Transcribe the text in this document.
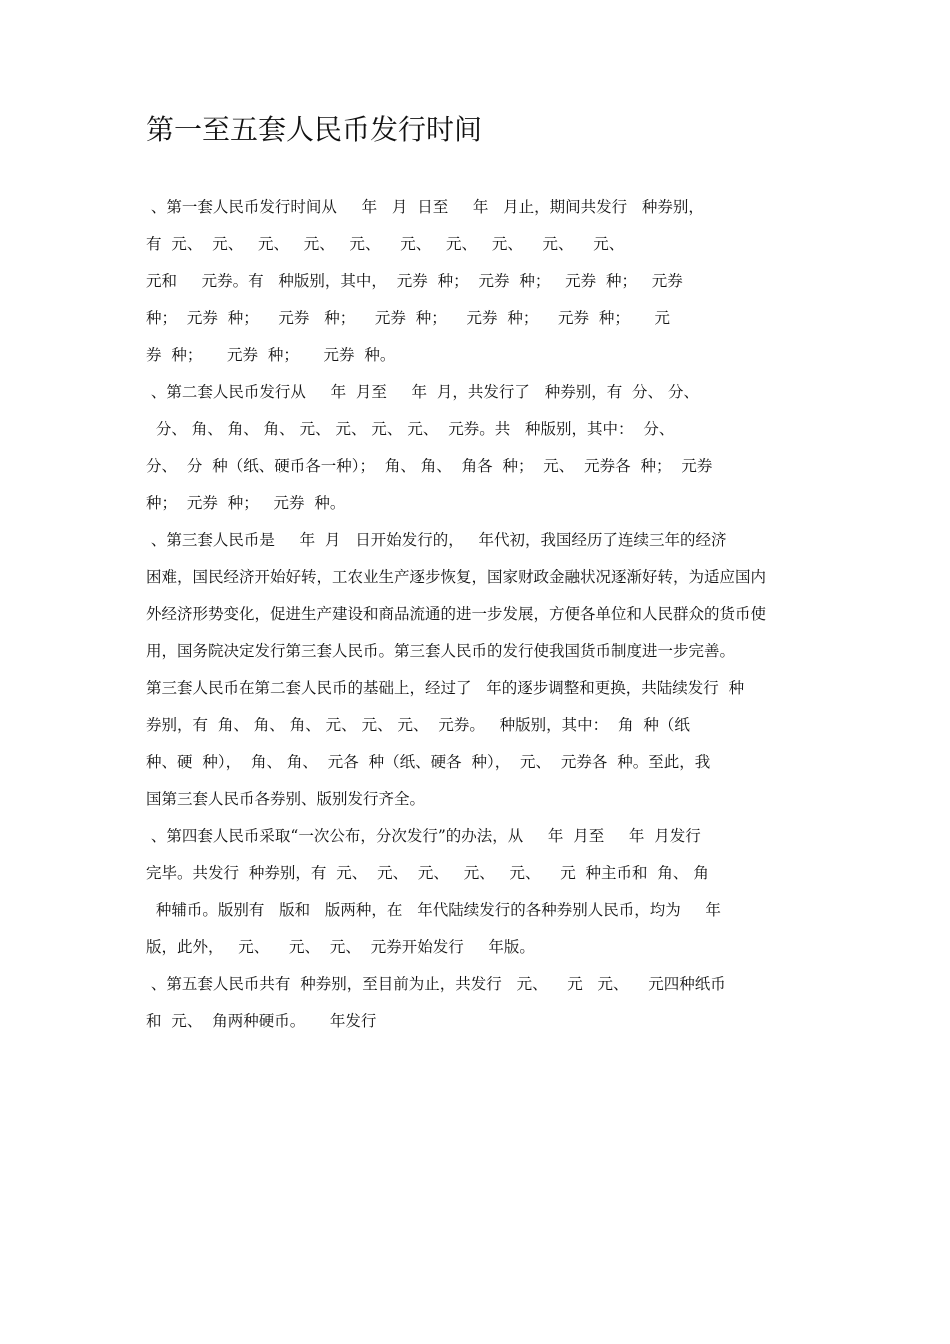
第一至五套人民币发行时间
、第一套人民币发行时间从     年   月  日至     年   月止，期间共发行   种券别，
有  元、  元、   元、   元、   元、    元、   元、   元、    元、    元、
元和     元券。有   种版别，其中，  元券  种；  元券  种；   元券  种；   元券
种；  元券  种；    元券   种；    元券  种；    元券  种；    元券  种；     元
券  种；     元券  种；     元券  种。
、第二套人民币发行从     年  月至     年  月，共发行了   种券别，有  分、 分、
分、 角、 角、 角、 元、 元、 元、 元、  元券。共   种版别，其中：  分、
分、  分  种（纸、硬币各一种）；  角、 角、  角各  种；  元、  元券各  种；  元券
种；  元券  种；   元券  种。
、第三套人民币是     年  月   日开始发行的，   年代初，我国经历了连续三年的经济
困难，国民经济开始好转，工农业生产逐步恢复，国家财政金融状况逐渐好转，为适应国内
外经济形势变化，促进生产建设和商品流通的进一步发展，方便各单位和人民群众的货币使
用，国务院决定发行第三套人民币。第三套人民币的发行使我国货币制度进一步完善。
第三套人民币在第二套人民币的基础上，经过了   年的逐步调整和更换，共陆续发行  种
券别，有  角、 角、 角、 元、 元、 元、  元券。   种版别，其中：  角  种（纸
种、硬  种），  角、 角、  元各  种（纸、硬各  种），  元、  元券各  种。至此，我
国第三套人民币各券别、版别发行齐全。
、第四套人民币采取“一次公布，分次发行”的办法，从     年  月至     年  月发行
完毕。共发行  种券别，有  元、  元、  元、   元、   元、    元  种主币和  角、 角
种辅币。版别有   版和   版两种，在   年代陆续发行的各种券别人民币，均为     年
版，此外，   元、    元、  元、  元券开始发行     年版。
、第五套人民币共有  种券别，至目前为止，共发行   元、    元   元、    元四种纸币
和  元、  角两种硬币。     年发行
